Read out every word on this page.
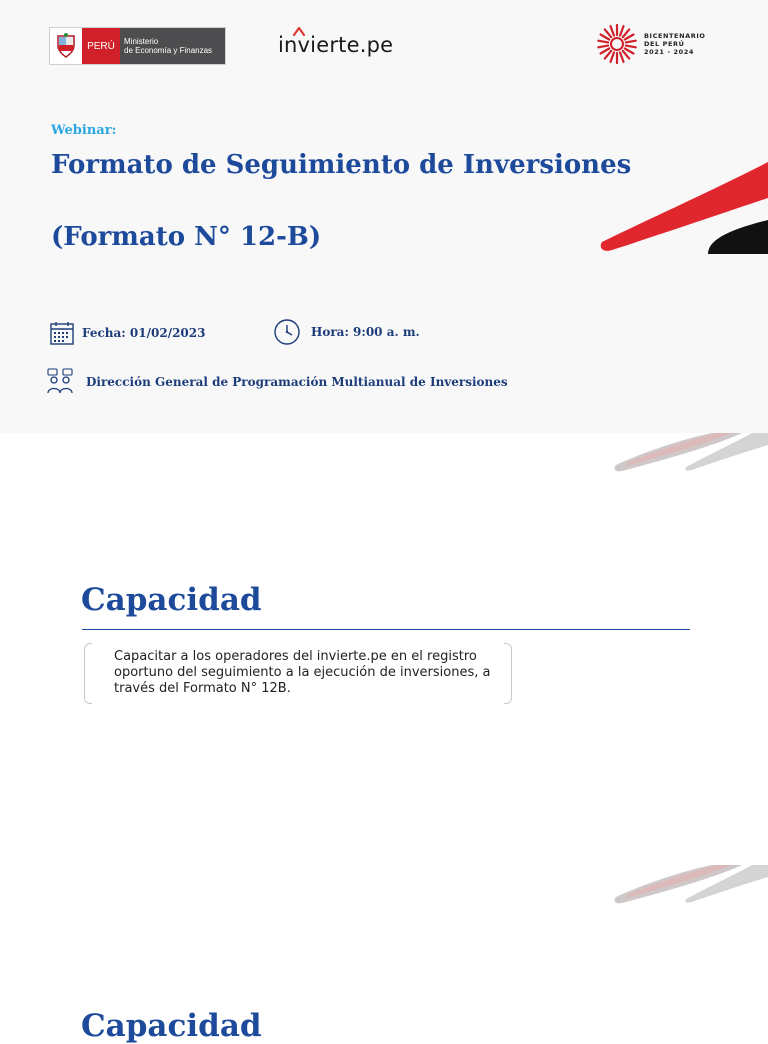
PERÚ	Ministerio
de Economía y Finanzas	invierte.pe	BICENTENARIO
DEL PERÚ
2021 - 2024
Webinar:
Formato de Seguimiento de Inversiones
(Formato N° 12-B)
Fecha: 01/02/2023	Hora: 9:00 a. m.
Dirección General de Programación Multianual de Inversiones
Capacidad
Capacitar a los operadores del invierte.pe en el registro oportuno del seguimiento a la ejecución de inversiones, a través del Formato N° 12B.
Capacidad
